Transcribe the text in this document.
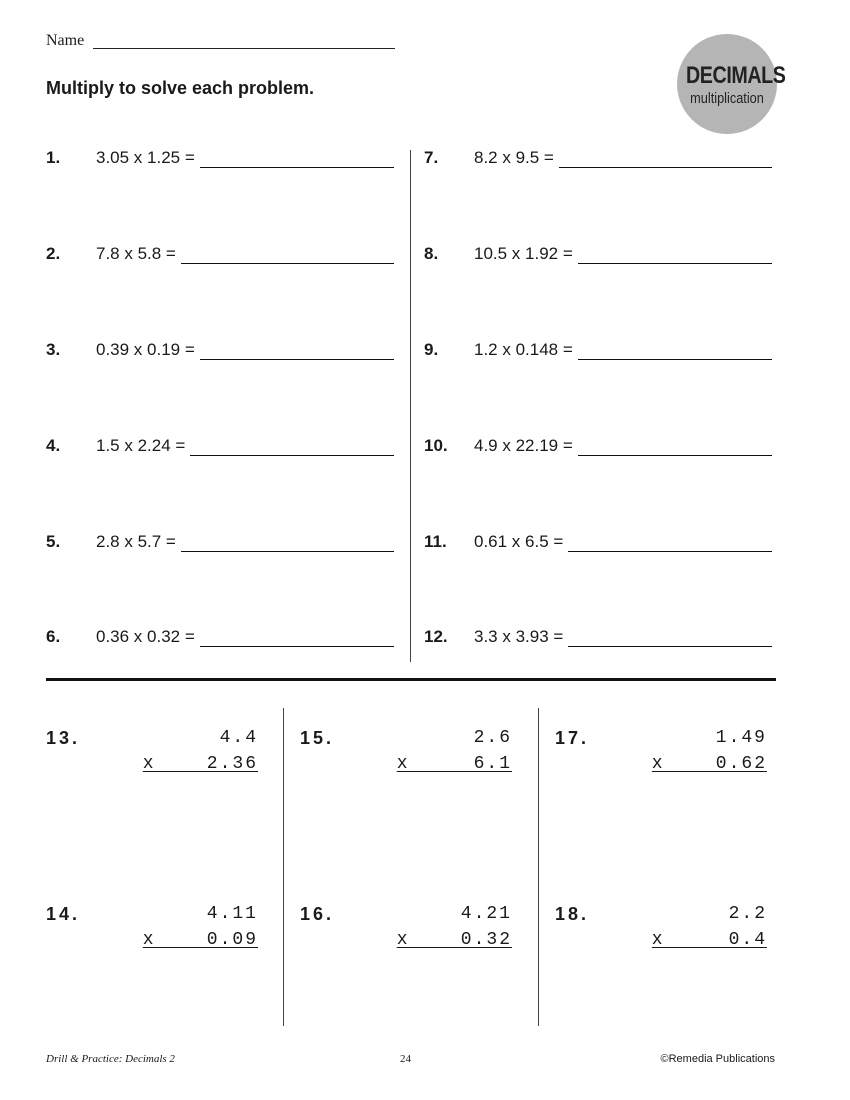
Name
Multiply to solve each problem.	DECIMALS
multiplication
1. 3.05 x 1.25 =
2. 7.8 x 5.8 =
3. 0.39 x 0.19 =
4. 1.5 x 2.24 =
5. 2.8 x 5.7 =
6. 0.36 x 0.32 =
7. 8.2 x 9.5 =
8. 10.5 x 1.92 =
9. 1.2 x 0.148 =
10. 4.9 x 22.19 =
11. 0.61 x 6.5 =
12. 3.3 x 3.93 =
13.	4.4
x    2.36
14.	4.11
x    0.09
15.	2.6
x     6.1
16.	4.21
x    0.32
17.	1.49
x    0.62
18.	2.2
x     0.4
Drill & Practice: Decimals 2	24	©Remedia Publications
